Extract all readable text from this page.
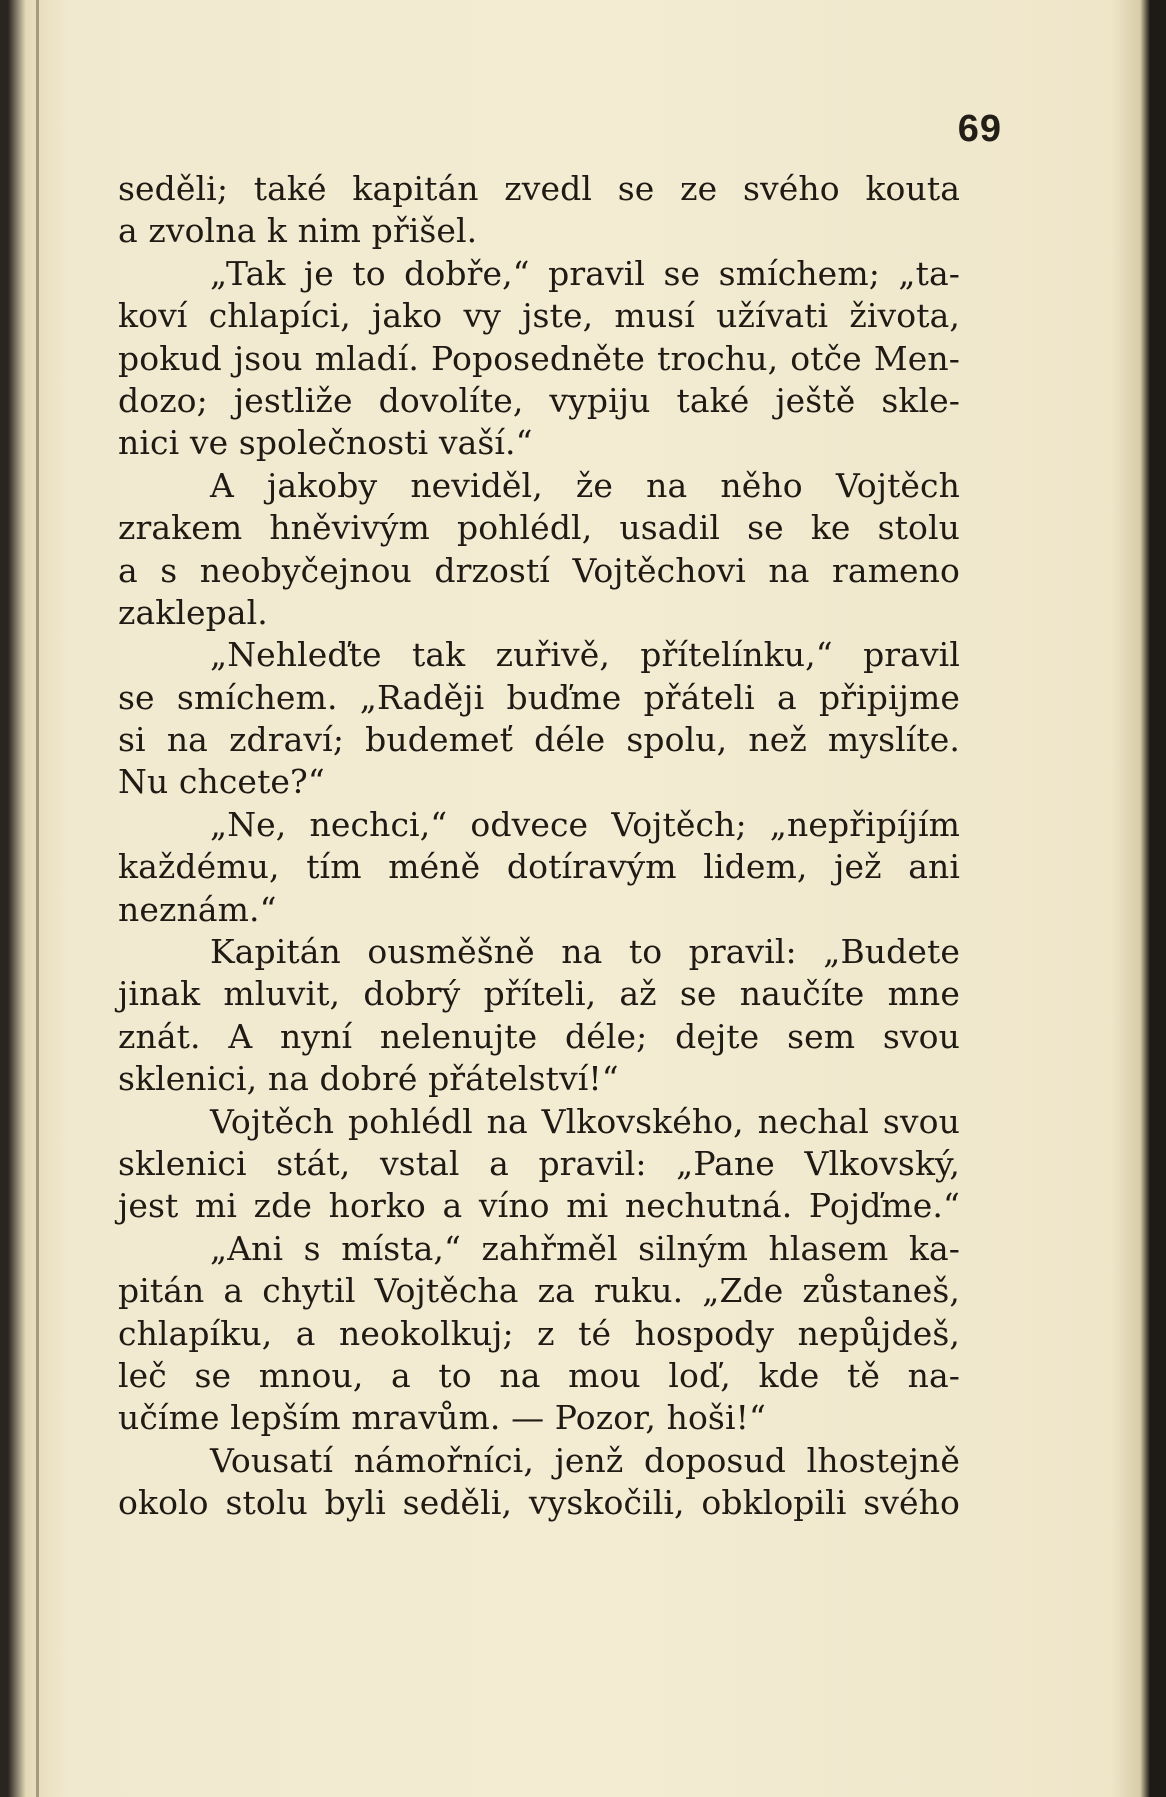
69
seděli; také kapitán zvedl se ze svého kouta
a zvolna k nim přišel.
„Tak je to dobře,“ pravil se smíchem; „ta-
koví chlapíci, jako vy jste, musí užívati života,
pokud jsou mladí. Poposedněte trochu, otče Men-
dozo; jestliže dovolíte, vypiju také ještě skle-
nici ve společnosti vaší.“
A jakoby neviděl, že na něho Vojtěch
zrakem hněvivým pohlédl, usadil se ke stolu
a s neobyčejnou drzostí Vojtěchovi na rameno
zaklepal.
„Nehleďte tak zuřivě, přítelínku,“ pravil
se smíchem. „Raději buďme přáteli a připijme
si na zdraví; budemeť déle spolu, než myslíte.
Nu chcete?“
„Ne, nechci,“ odvece Vojtěch; „nepřipíjím
každému, tím méně dotíravým lidem, jež ani
neznám.“
Kapitán ousměšně na to pravil: „Budete
jinak mluvit, dobrý příteli, až se naučíte mne
znát. A nyní nelenujte déle; dejte sem svou
sklenici, na dobré přátelství!“
Vojtěch pohlédl na Vlkovského, nechal svou
sklenici stát, vstal a pravil: „Pane Vlkovský,
jest mi zde horko a víno mi nechutná. Pojďme.“
„Ani s místa,“ zahřměl silným hlasem ka-
pitán a chytil Vojtěcha za ruku. „Zde zůstaneš,
chlapíku, a neokolkuj; z té hospody nepůjdeš,
leč se mnou, a to na mou loď, kde tě na-
učíme lepším mravům. — Pozor, hoši!“
Vousatí námořníci, jenž doposud lhostejně
okolo stolu byli seděli, vyskočili, obklopili svého
